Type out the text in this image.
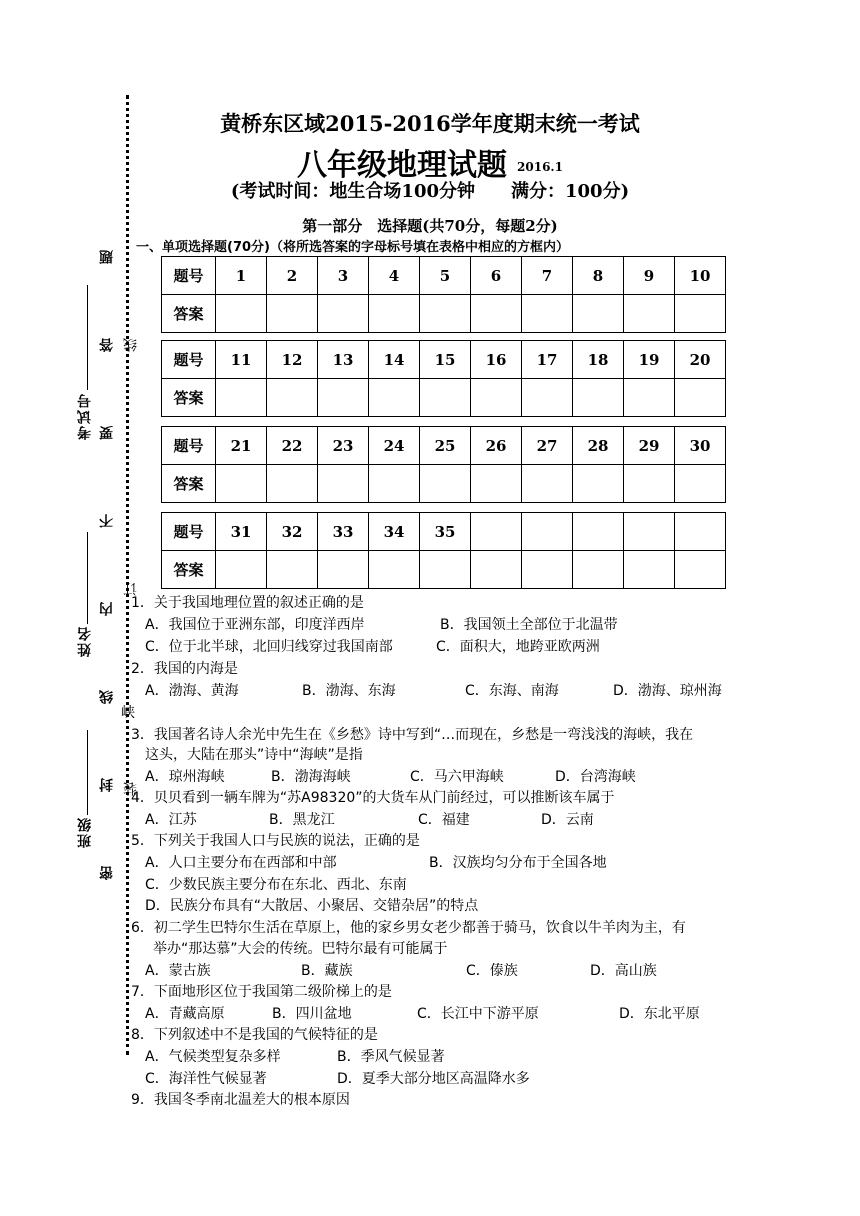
考试号
姓名
班级
题
答
要
不
内
线
封
密
线
订
装
黄桥东区域2015-2016学年度期末统一考试
八年级地理试题 2016.1
(考试时间：地生合场100分钟　　满分：100分)
第一部分　选择题(共70分，每题2分)
一、单项选择题(70分)（将所选答案的字母标号填在表格中相应的方框内）
题号	1	2	3	4	5	6	7	8	9	10
答案										
题号	11	12	13	14	15	16	17	18	19	20
答案										
题号	21	22	23	24	25	26	27	28	29	30
答案										
题号	31	32	33	34	35					
答案										
1．关于我国地理位置的叙述正确的是
A．我国位于亚洲东部，印度洋西岸	B．我国领土全部位于北温带
C．位于北半球，北回归线穿过我国南部	C．面积大，地跨亚欧两洲
2．我国的内海是
A．渤海、黄海	B．渤海、东海	C．东海、南海	D．渤海、琼州海
峡
3．我国著名诗人余光中先生在《乡愁》诗中写到“…而现在，乡愁是一弯浅浅的海峡，我在
这头，大陆在那头”诗中“海峡”是指
A．琼州海峡	B．渤海海峡	C．马六甲海峡	D．台湾海峡
4．贝贝看到一辆车牌为“苏A98320”的大货车从门前经过，可以推断该车属于
A．江苏	B．黑龙江	C．福建	D．云南
5．下列关于我国人口与民族的说法，正确的是
A．人口主要分布在西部和中部	B．汉族均匀分布于全国各地
C．少数民族主要分布在东北、西北、东南
D．民族分布具有“大散居、小聚居、交错杂居”的特点
6．初二学生巴特尔生活在草原上，他的家乡男女老少都善于骑马，饮食以牛羊肉为主，有
举办“那达慕”大会的传统。巴特尔最有可能属于
A．蒙古族	B．藏族	C．傣族	D．高山族
7．下面地形区位于我国第二级阶梯上的是
A．青藏高原	B．四川盆地	C．长江中下游平原	D．东北平原
8．下列叙述中不是我国的气候特征的是
A．气候类型复杂多样	B．季风气候显著
C．海洋性气候显著	D．夏季大部分地区高温降水多
9．我国冬季南北温差大的根本原因
